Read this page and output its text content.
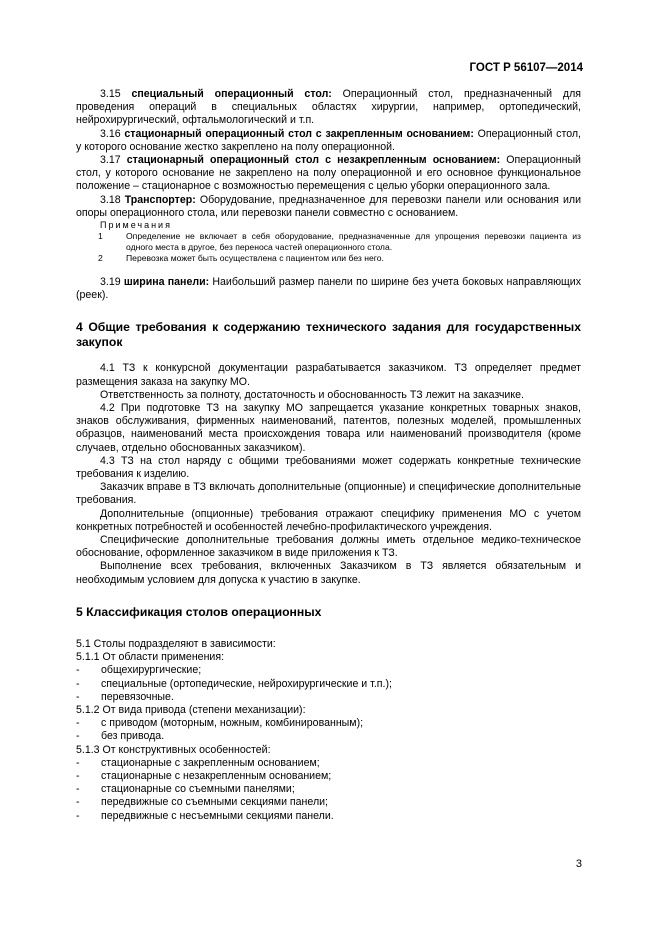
ГОСТ Р 56107—2014

3.15 специальный операционный стол: Операционный стол, предназначенный для проведения операций в специальных областях хирургии, например, ортопедический, нейрохирургический, офтальмологический и т.п.

3.16 стационарный операционный стол с закрепленным основанием: Операционный стол, у которого основание жестко закреплено на полу операционной.

3.17 стационарный операционный стол с незакрепленным основанием: Операционный стол, у которого основание не закреплено на полу операционной и его основное функциональное положение – стационарное с возможностью перемещения с целью уборки операционного зала.

3.18 Транспортер: Оборудование, предназначенное для перевозки панели или основания или опоры операционного стола, или перевозки панели совместно с основанием.

Примечания

1	Определение не включает в себя оборудование, предназначенные для упрощения перевозки пациента из одного места в другое, без переноса частей операционного стола.
2	Перевозка может быть осуществлена с пациентом или без него.

3.19 ширина панели: Наибольший размер панели по ширине без учета боковых направляющих (реек).

4 Общие требования к содержанию технического задания для государственных закупок

4.1 ТЗ к конкурсной документации разрабатывается заказчиком. ТЗ определяет предмет размещения заказа на закупку МО.

Ответственность за полноту, достаточность и обоснованность ТЗ лежит на заказчике.

4.2 При подготовке ТЗ на закупку МО запрещается указание конкретных товарных знаков, знаков обслуживания, фирменных наименований, патентов, полезных моделей, промышленных образцов, наименований места происхождения товара или наименований производителя (кроме случаев, отдельно обоснованных заказчиком).

4.3 ТЗ на стол наряду с общими требованиями может содержать конкретные технические требования к изделию.

Заказчик вправе в ТЗ включать дополнительные (опционные) и специфические дополнительные требования.

Дополнительные (опционные) требования отражают специфику применения МО с учетом конкретных потребностей и особенностей лечебно-профилактического учреждения.

Специфические дополнительные требования должны иметь отдельное медико-техническое обоснование, оформленное заказчиком в виде приложения к ТЗ.

Выполнение всех требования, включенных Заказчиком в ТЗ является обязательным и необходимым условием для допуска к участию в закупке.

5 Классификация столов операционных

5.1 Столы подразделяют в зависимости:

5.1.1 От области применения:

-	общехирургические;
-	специальные (ортопедические, нейрохирургические и т.п.);
-	перевязочные.

5.1.2 От вида привода (степени механизации):

-	с приводом (моторным, ножным, комбинированным);
-	без привода.

5.1.3 От конструктивных особенностей:

-	стационарные с закрепленным основанием;
-	стационарные с незакрепленным основанием;
-	стационарные со съемными панелями;
-	передвижные со съемными секциями панели;
-	передвижные с несъемными секциями панели.
3
